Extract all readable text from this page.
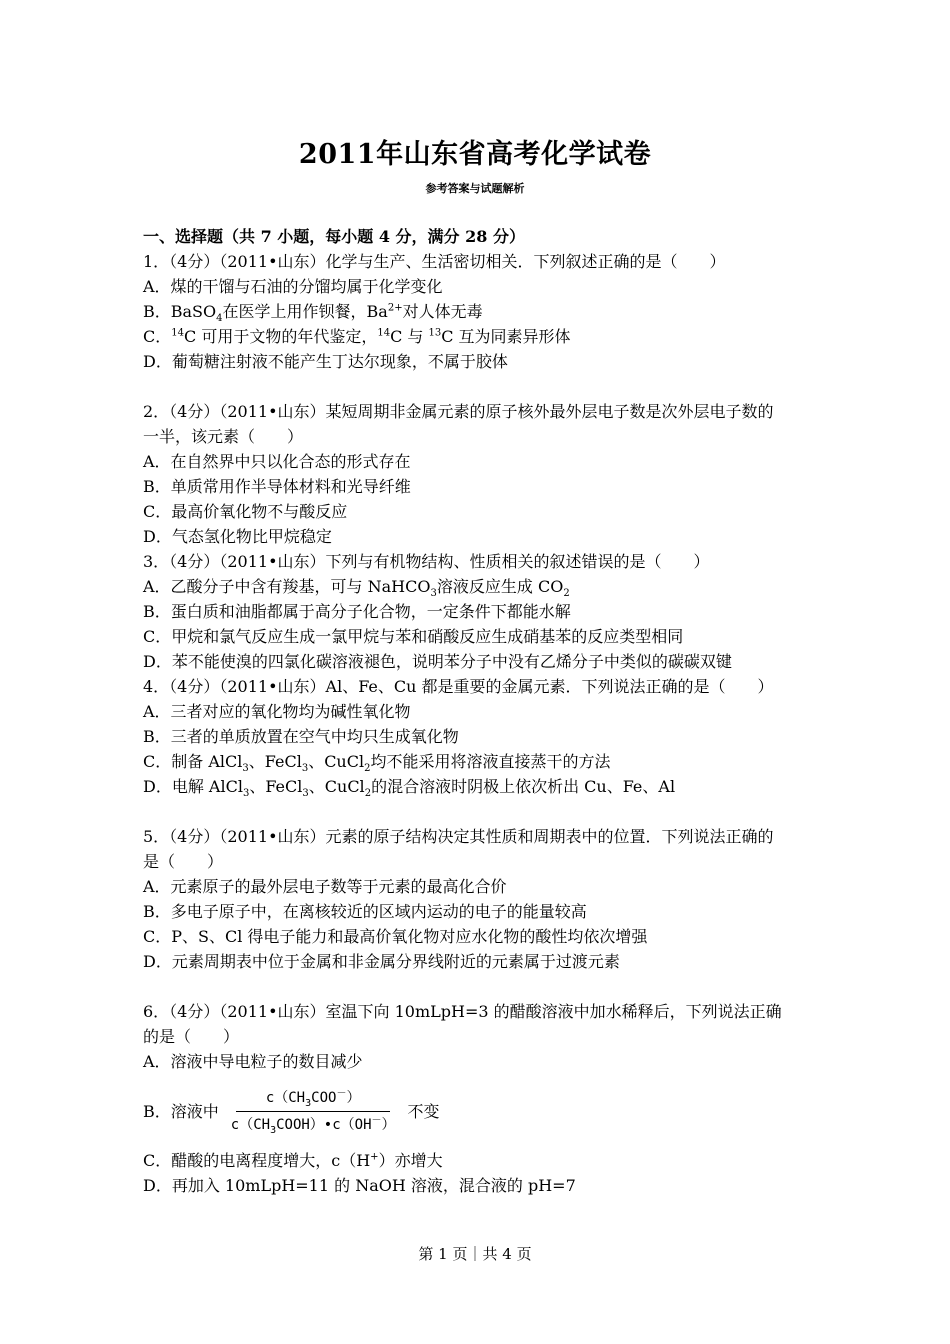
2011年山东省高考化学试卷
参考答案与试题解析
一、选择题（共 7 小题，每小题 4 分，满分 28 分）
1．（4分）（2011•山东）化学与生产、生活密切相关．下列叙述正确的是（　　）
A．煤的干馏与石油的分馏均属于化学变化
B．BaSO$_4$在医学上用作钡餐，$Ba^{2+}$对人体无毒
C．$^{14}$C 可用于文物的年代鉴定，$^{14}$C 与 $^{13}$C 互为同素异形体
D．葡萄糖注射液不能产生丁达尔现象，不属于胶体
2．（4分）（2011•山东）某短周期非金属元素的原子核外最外层电子数是次外层电子数的
一半，该元素（　　）
A．在自然界中只以化合态的形式存在
B．单质常用作半导体材料和光导纤维
C．最高价氧化物不与酸反应
D．气态氢化物比甲烷稳定
3．（4分）（2011•山东）下列与有机物结构、性质相关的叙述错误的是（　　）
A．乙酸分子中含有羧基，可与 NaHCO$_3$溶液反应生成 $CO_2$
B．蛋白质和油脂都属于高分子化合物，一定条件下都能水解
C．甲烷和氯气反应生成一氯甲烷与苯和硝酸反应生成硝基苯的反应类型相同
D．苯不能使溴的四氯化碳溶液褪色，说明苯分子中没有乙烯分子中类似的碳碳双键
4．（4分）（2011•山东）Al、Fe、Cu 都是重要的金属元素．下列说法正确的是（　　）
A．三者对应的氧化物均为碱性氧化物
B．三者的单质放置在空气中均只生成氧化物
C．制备 AlCl$_3$、FeCl$_3$、CuCl$_2$均不能采用将溶液直接蒸干的方法
D．电解 AlCl$_3$、FeCl$_3$、CuCl$_2$的混合溶液时阴极上依次析出 Cu、Fe、Al
5．（4分）（2011•山东）元素的原子结构决定其性质和周期表中的位置．下列说法正确的
是（　　）
A．元素原子的最外层电子数等于元素的最高化合价
B．多电子原子中，在离核较近的区域内运动的电子的能量较高
C．P、S、Cl 得电子能力和最高价氧化物对应水化物的酸性均依次增强
D．元素周期表中位于金属和非金属分界线附近的元素属于过渡元素
6．（4分）（2011•山东）室温下向 10mLpH=3 的醋酸溶液中加水稀释后，下列说法正确
的是（　　）
A．溶液中导电粒子的数目减少
B．溶液中 $\frac{c(CH_3COO^-)}{c(CH_3COOH)•c(OH^-)}$ 不变
C．醋酸的电离程度增大，c（H+）亦增大
D．再加入 10mLpH=11 的 NaOH 溶液，混合液的 pH=7
第 1 页｜共 4 页
